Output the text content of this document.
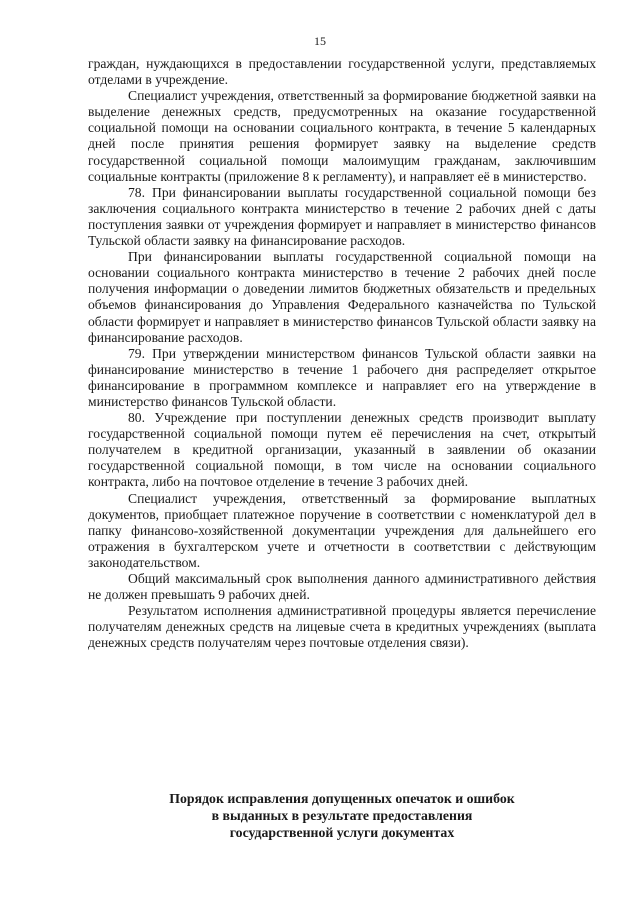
15

граждан, нуждающихся в предоставлении государственной услуги, представляемых отделами в учреждение.

Специалист учреждения, ответственный за формирование бюджетной заявки на выделение денежных средств, предусмотренных на оказание государственной социальной помощи на основании социального контракта, в течение 5 календарных дней после принятия решения формирует заявку на выделение средств государственной социальной помощи малоимущим гражданам, заключившим социальные контракты (приложение 8 к регламенту), и направляет её в министерство.

78. При финансировании выплаты государственной социальной помощи без заключения социального контракта министерство в течение 2 рабочих дней с даты поступления заявки от учреждения формирует и направляет в министерство финансов Тульской области заявку на финансирование расходов.

При финансировании выплаты государственной социальной помощи на основании социального контракта министерство в течение 2 рабочих дней после получения информации о доведении лимитов бюджетных обязательств и предельных объемов финансирования до Управления Федерального казначейства по Тульской области формирует и направляет в министерство финансов Тульской области заявку на финансирование расходов.

79. При утверждении министерством финансов Тульской области заявки на финансирование министерство в течение 1 рабочего дня распределяет открытое финансирование в программном комплексе и направляет его на утверждение в министерство финансов Тульской области.

80. Учреждение при поступлении денежных средств производит выплату государственной социальной помощи путем её перечисления на счет, открытый получателем в кредитной организации, указанный в заявлении об оказании государственной социальной помощи, в том числе на основании социального контракта, либо на почтовое отделение в течение 3 рабочих дней.

Специалист учреждения, ответственный за формирование выплатных документов, приобщает платежное поручение в соответствии с номенклатурой дел в папку финансово-хозяйственной документации учреждения для дальнейшего его отражения в бухгалтерском учете и отчетности в соответствии с действующим законодательством.

Общий максимальный срок выполнения данного административного действия не должен превышать 9 рабочих дней.

Результатом исполнения административной процедуры является перечисление получателям денежных средств на лицевые счета в кредитных учреждениях (выплата денежных средств получателям через почтовые отделения связи).

Порядок исправления допущенных опечаток и ошибок
в выданных в результате предоставления
государственной услуги документах
